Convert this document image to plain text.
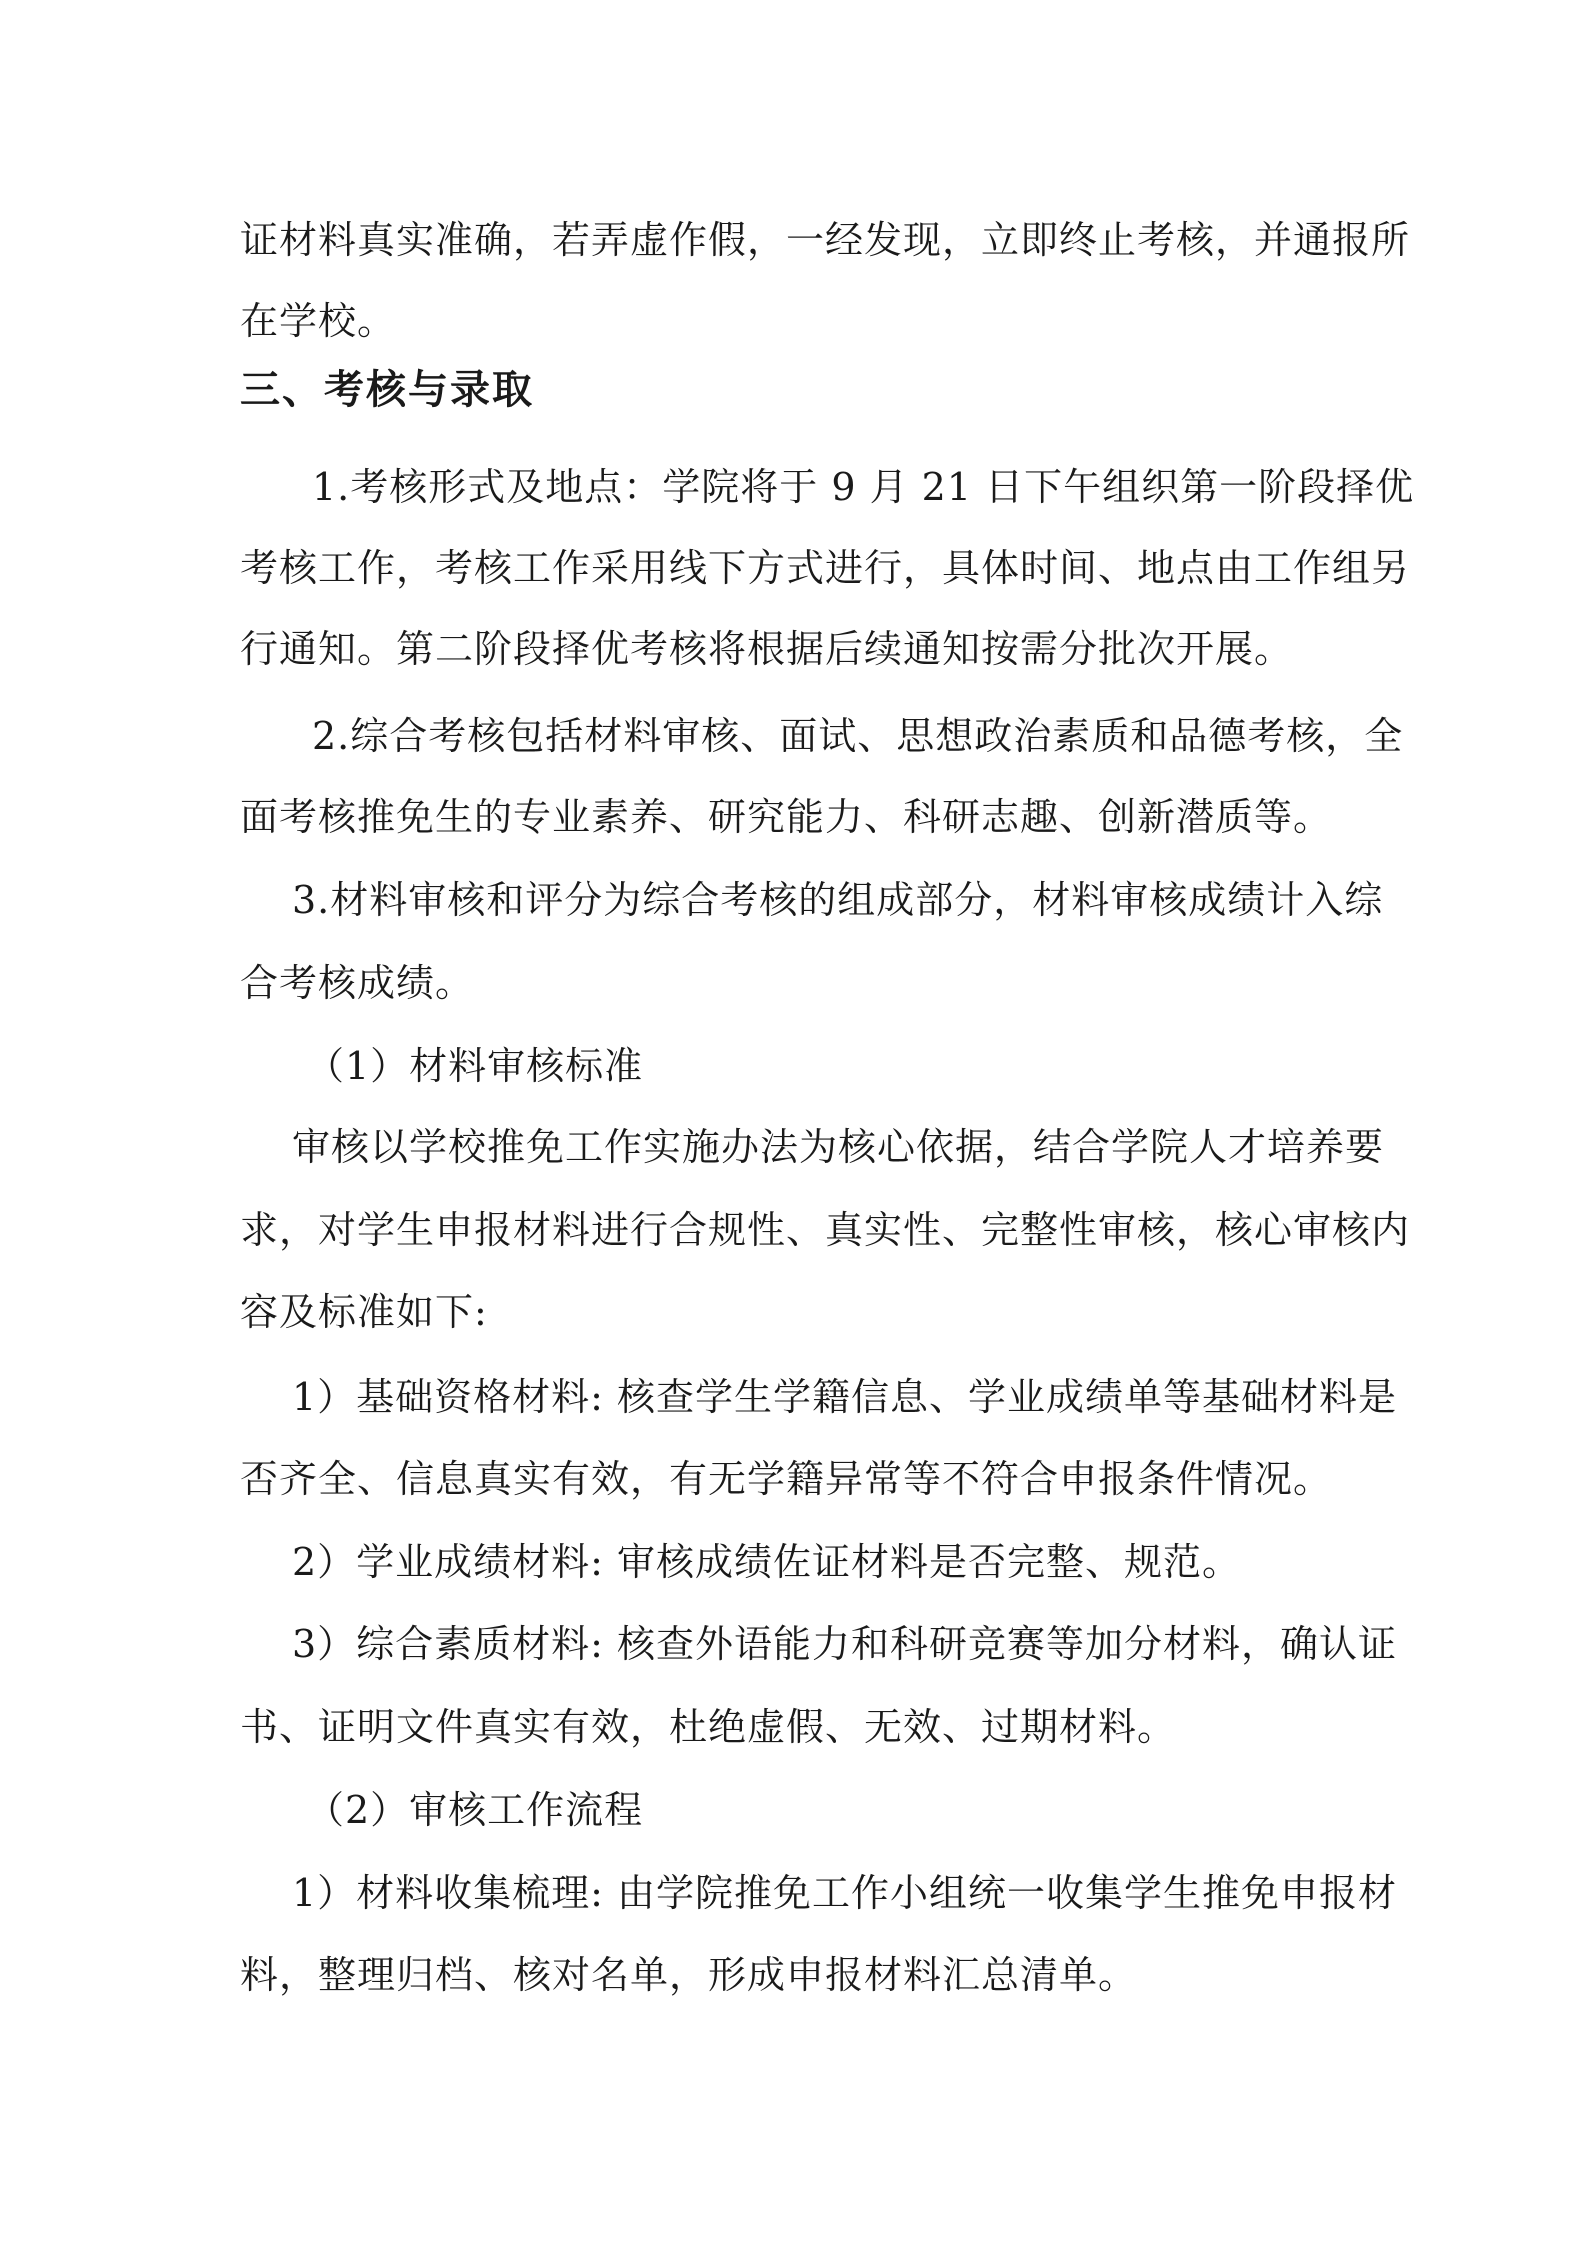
证材料真实准确，若弄虚作假，一经发现，立即终止考核，并通报所
在学校。
三、考核与录取
1.考核形式及地点：学院将于 9 月 21 日下午组织第一阶段择优
考核工作，考核工作采用线下方式进行，具体时间、地点由工作组另
行通知。第二阶段择优考核将根据后续通知按需分批次开展。
2.综合考核包括材料审核、面试、思想政治素质和品德考核，全
面考核推免生的专业素养、研究能力、科研志趣、创新潜质等。
3.材料审核和评分为综合考核的组成部分，材料审核成绩计入综
合考核成绩。
（1）材料审核标准
审核以学校推免工作实施办法为核心依据，结合学院人才培养要
求，对学生申报材料进行合规性、真实性、完整性审核，核心审核内
容及标准如下:
1）基础资格材料: 核查学生学籍信息、学业成绩单等基础材料是
否齐全、信息真实有效，有无学籍异常等不符合申报条件情况。
2）学业成绩材料: 审核成绩佐证材料是否完整、规范。
3）综合素质材料: 核查外语能力和科研竞赛等加分材料，确认证
书、证明文件真实有效，杜绝虚假、无效、过期材料。
（2）审核工作流程
1）材料收集梳理: 由学院推免工作小组统一收集学生推免申报材
料，整理归档、核对名单，形成申报材料汇总清单。
